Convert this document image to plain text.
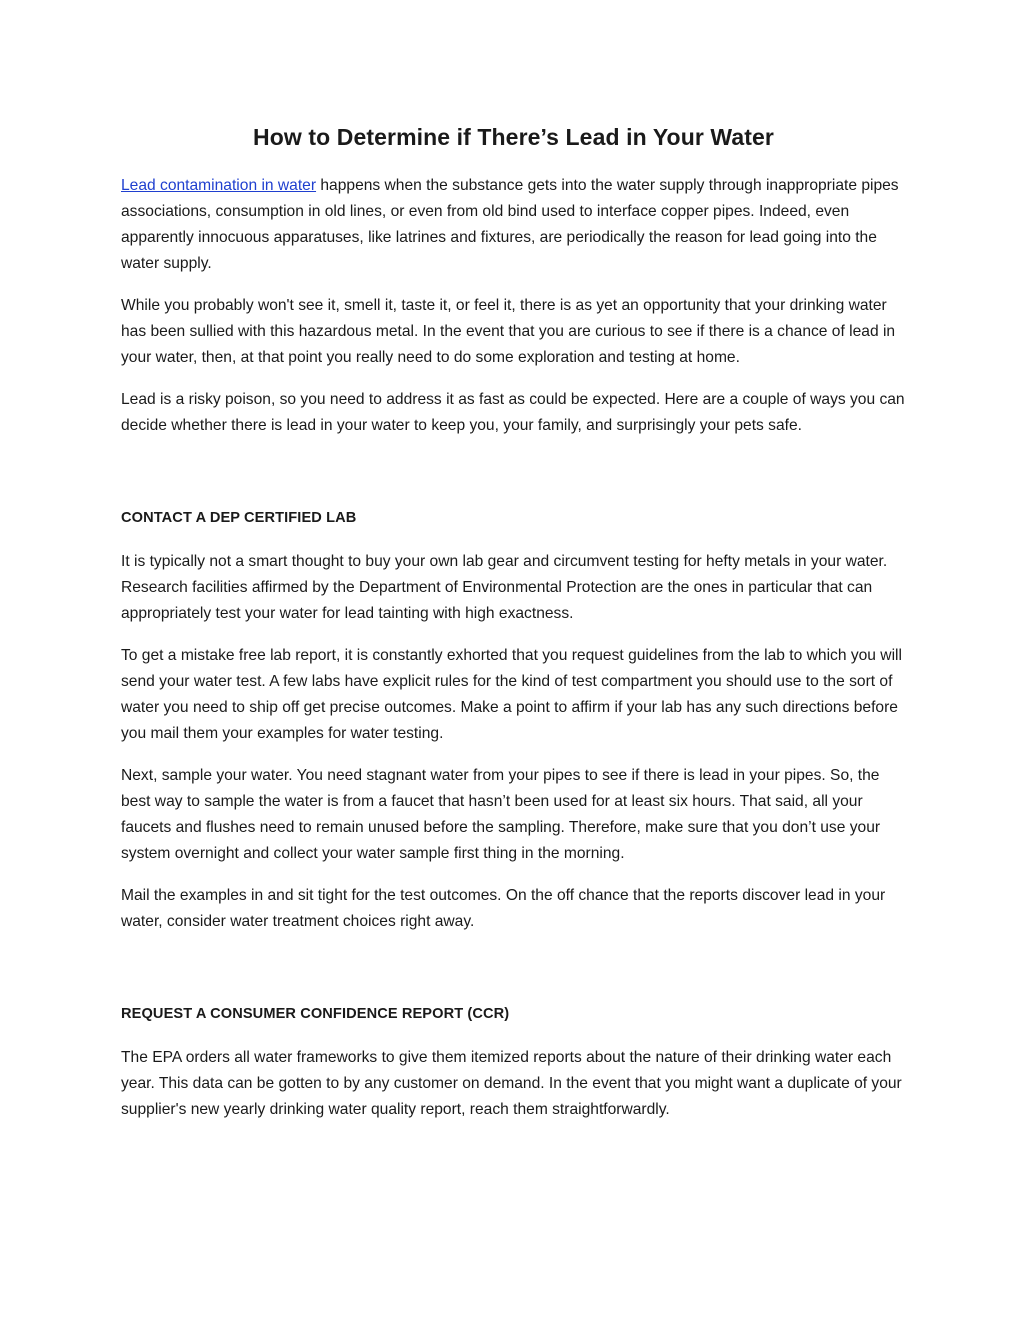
How to Determine if There’s Lead in Your Water

Lead contamination in water happens when the substance gets into the water supply through inappropriate pipes associations, consumption in old lines, or even from old bind used to interface copper pipes. Indeed, even apparently innocuous apparatuses, like latrines and fixtures, are periodically the reason for lead going into the water supply.

While you probably won't see it, smell it, taste it, or feel it, there is as yet an opportunity that your drinking water has been sullied with this hazardous metal. In the event that you are curious to see if there is a chance of lead in your water, then, at that point you really need to do some exploration and testing at home.

Lead is a risky poison, so you need to address it as fast as could be expected. Here are a couple of ways you can decide whether there is lead in your water to keep you, your family, and surprisingly your pets safe.

CONTACT A DEP CERTIFIED LAB

It is typically not a smart thought to buy your own lab gear and circumvent testing for hefty metals in your water. Research facilities affirmed by the Department of Environmental Protection are the ones in particular that can appropriately test your water for lead tainting with high exactness.

To get a mistake free lab report, it is constantly exhorted that you request guidelines from the lab to which you will send your water test. A few labs have explicit rules for the kind of test compartment you should use to the sort of water you need to ship off get precise outcomes. Make a point to affirm if your lab has any such directions before you mail them your examples for water testing.

Next, sample your water. You need stagnant water from your pipes to see if there is lead in your pipes. So, the best way to sample the water is from a faucet that hasn’t been used for at least six hours. That said, all your faucets and flushes need to remain unused before the sampling. Therefore, make sure that you don’t use your system overnight and collect your water sample first thing in the morning.

Mail the examples in and sit tight for the test outcomes. On the off chance that the reports discover lead in your water, consider water treatment choices right away.

REQUEST A CONSUMER CONFIDENCE REPORT (CCR)

The EPA orders all water frameworks to give them itemized reports about the nature of their drinking water each year. This data can be gotten to by any customer on demand. In the event that you might want a duplicate of your supplier's new yearly drinking water quality report, reach them straightforwardly.
